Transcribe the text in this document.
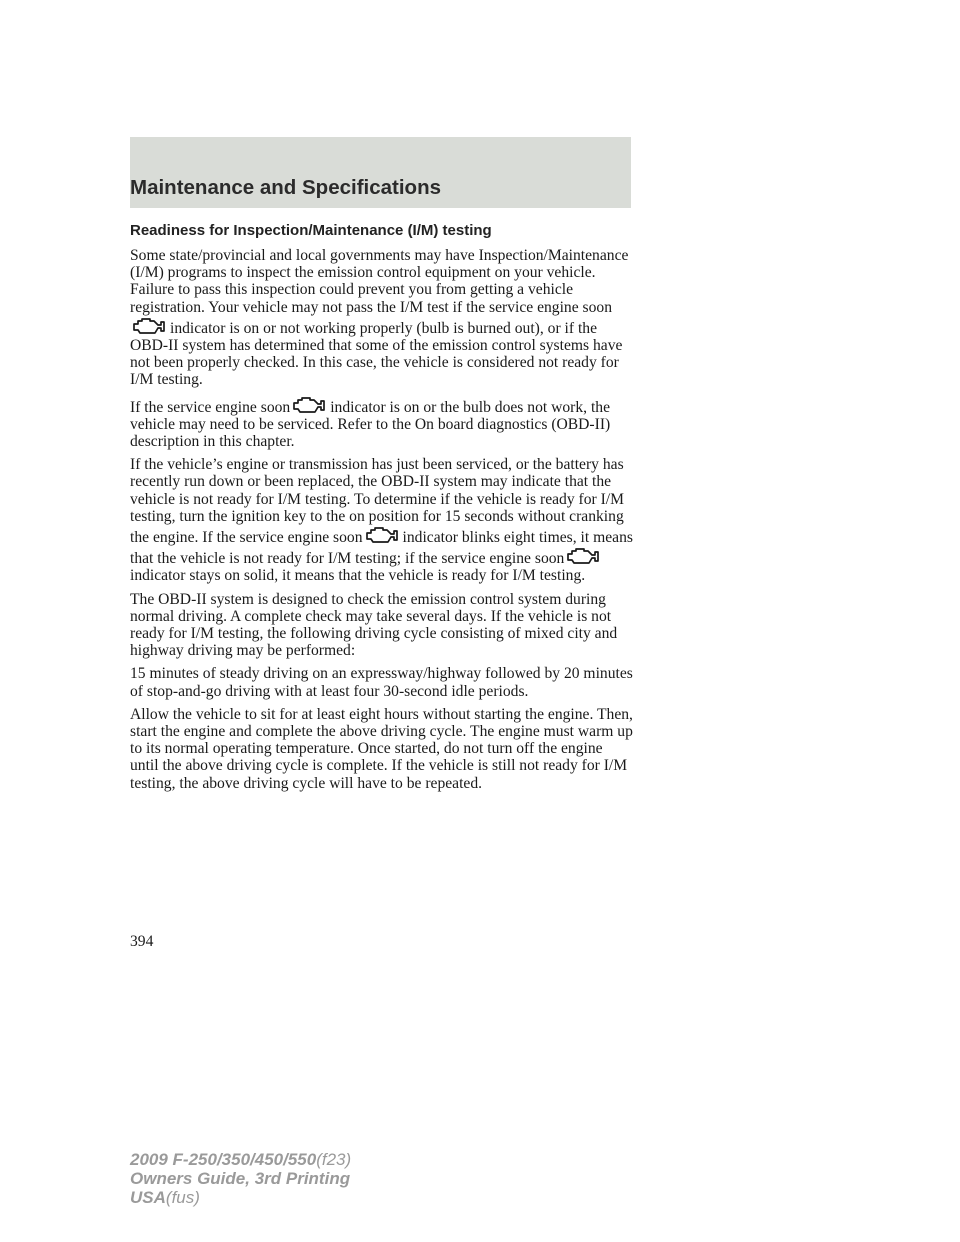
Maintenance and Specifications
Readiness for Inspection/Maintenance (I/M) testing

Some state/provincial and local governments may have Inspection/Maintenance (I/M) programs to inspect the emission control equipment on your vehicle. Failure to pass this inspection could prevent you from getting a vehicle registration. Your vehicle may not pass the I/M test if the service engine soonindicator is on or not working properly (bulb is burned out), or if the OBD-II system has determined that some of the emission control systems have not been properly checked. In this case, the vehicle is considered not ready for I/M testing.

If the service engine soon	indicator is on or the bulb does not work, the vehicle may need to be serviced. Refer to the On board diagnostics (OBD-II) description in this chapter.

If the vehicle’s engine or transmission has just been serviced, or the battery has recently run down or been replaced, the OBD-II system may indicate that the vehicle is not ready for I/M testing. To determine if the vehicle is ready for I/M testing, turn the ignition key to the on position for 15 seconds without cranking the engine. If the service engine soon	indicator blinks eight times, it means that the vehicle is not ready for I/M testing; if the service engine soonindicator stays on solid, it means that the vehicle is ready for I/M testing.

The OBD-II system is designed to check the emission control system during normal driving. A complete check may take several days. If the vehicle is not ready for I/M testing, the following driving cycle consisting of mixed city and highway driving may be performed:

15 minutes of steady driving on an expressway/highway followed by 20 minutes of stop-and-go driving with at least four 30-second idle periods.

Allow the vehicle to sit for at least eight hours without starting the engine. Then, start the engine and complete the above driving cycle. The engine must warm up to its normal operating temperature. Once started, do not turn off the engine until the above driving cycle is complete. If the vehicle is still not ready for I/M testing, the above driving cycle will have to be repeated.

394

2009 F-250/350/450/550(f23)
Owners Guide, 3rd Printing
USA(fus)
